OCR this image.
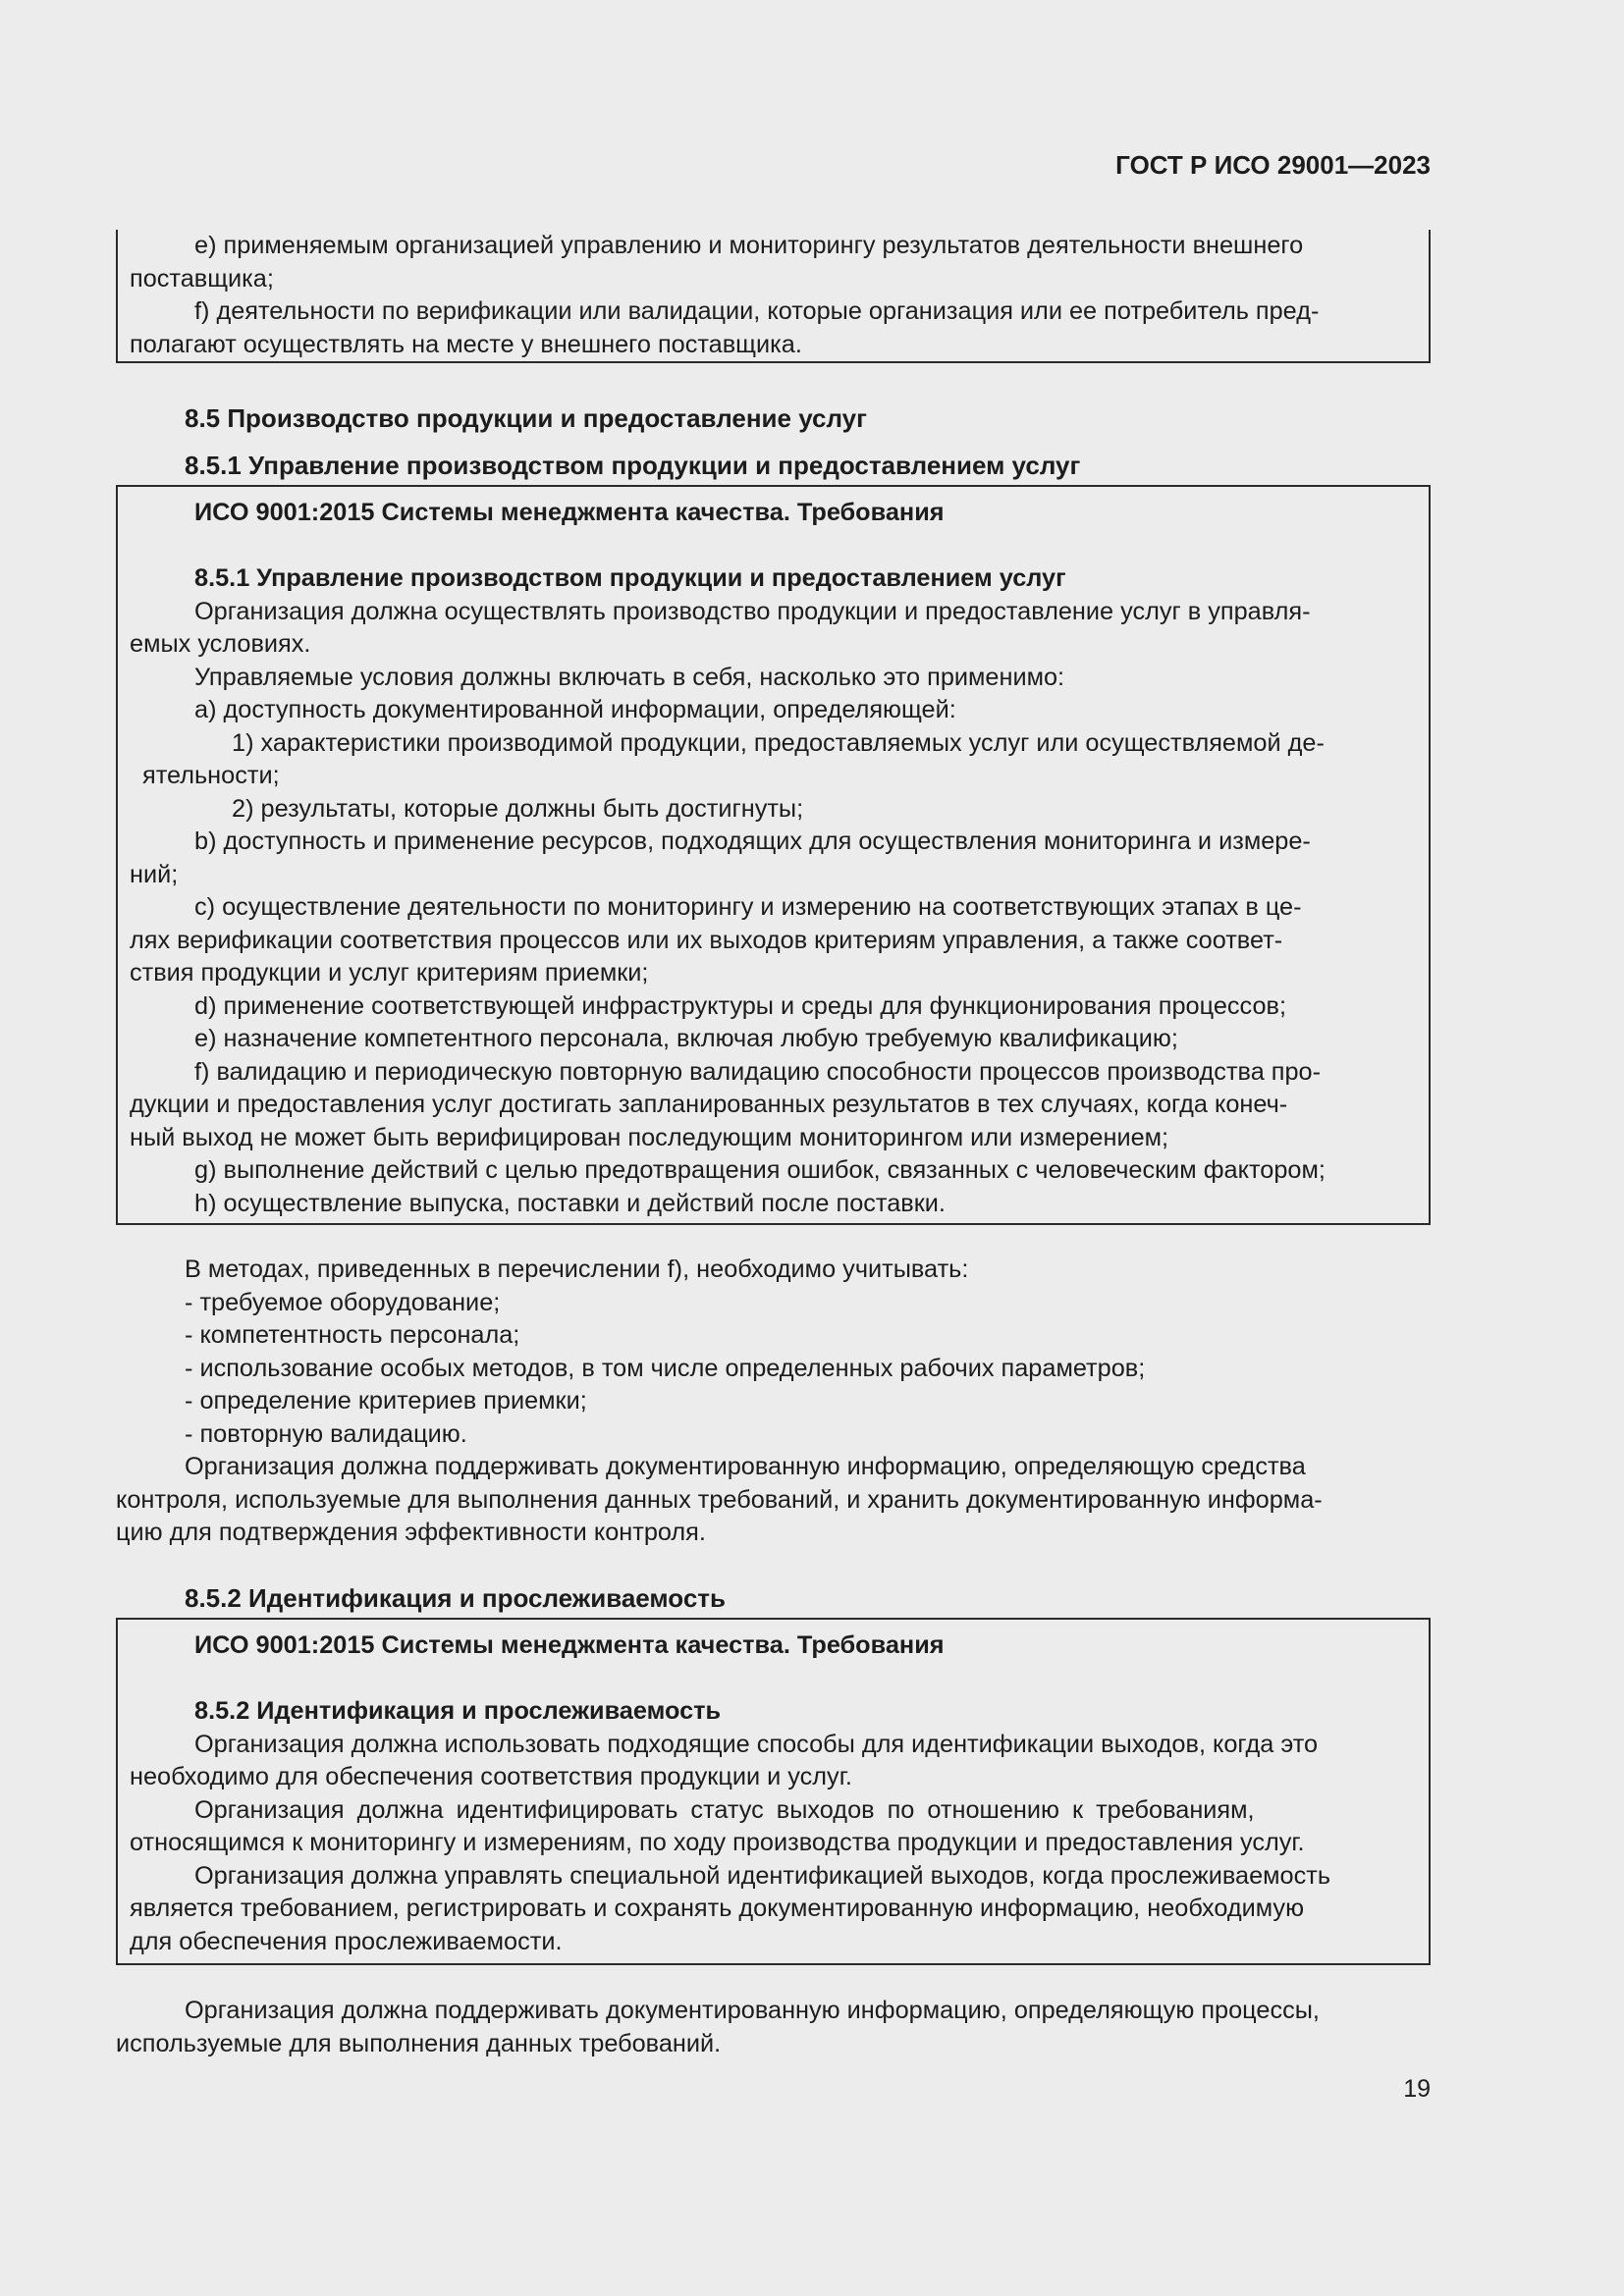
ГОСТ Р ИСО 29001—2023
e) применяемым организацией управлению и мониторингу результатов деятельности внешнего
поставщика;
f) деятельности по верификации или валидации, которые организация или ее потребитель пред-
полагают осуществлять на месте у внешнего поставщика.
8.5 Производство продукции и предоставление услуг
8.5.1 Управление производством продукции и предоставлением услуг
ИСО 9001:2015 Системы менеджмента качества. Требования
8.5.1 Управление производством продукции и предоставлением услуг
Организация должна осуществлять производство продукции и предоставление услуг в управля-
емых условиях.
Управляемые условия должны включать в себя, насколько это применимо:
a) доступность документированной информации, определяющей:
1) характеристики производимой продукции, предоставляемых услуг или осуществляемой де-
ятельности;
2) результаты, которые должны быть достигнуты;
b) доступность и применение ресурсов, подходящих для осуществления мониторинга и измере-
ний;
c) осуществление деятельности по мониторингу и измерению на соответствующих этапах в це-
лях верификации соответствия процессов или их выходов критериям управления, а также соответ-
ствия продукции и услуг критериям приемки;
d) применение соответствующей инфраструктуры и среды для функционирования процессов;
e) назначение компетентного персонала, включая любую требуемую квалификацию;
f) валидацию и периодическую повторную валидацию способности процессов производства про-
дукции и предоставления услуг достигать запланированных результатов в тех случаях, когда конеч-
ный выход не может быть верифицирован последующим мониторингом или измерением;
g) выполнение действий с целью предотвращения ошибок, связанных с человеческим фактором;
h) осуществление выпуска, поставки и действий после поставки.
В методах, приведенных в перечислении f), необходимо учитывать:
- требуемое оборудование;
- компетентность персонала;
- использование особых методов, в том числе определенных рабочих параметров;
- определение критериев приемки;
- повторную валидацию.
Организация должна поддерживать документированную информацию, определяющую средства
контроля, используемые для выполнения данных требований, и хранить документированную информа-
цию для подтверждения эффективности контроля.
8.5.2 Идентификация и прослеживаемость
ИСО 9001:2015 Системы менеджмента качества. Требования
8.5.2 Идентификация и прослеживаемость
Организация должна использовать подходящие способы для идентификации выходов, когда это
необходимо для обеспечения соответствия продукции и услуг.
Организация должна идентифицировать статус выходов по отношению к требованиям,
относящимся к мониторингу и измерениям, по ходу производства продукции и предоставления услуг.
Организация должна управлять специальной идентификацией выходов, когда прослеживаемость
является требованием, регистрировать и сохранять документированную информацию, необходимую
для обеспечения прослеживаемости.
Организация должна поддерживать документированную информацию, определяющую процессы,
используемые для выполнения данных требований.
19
